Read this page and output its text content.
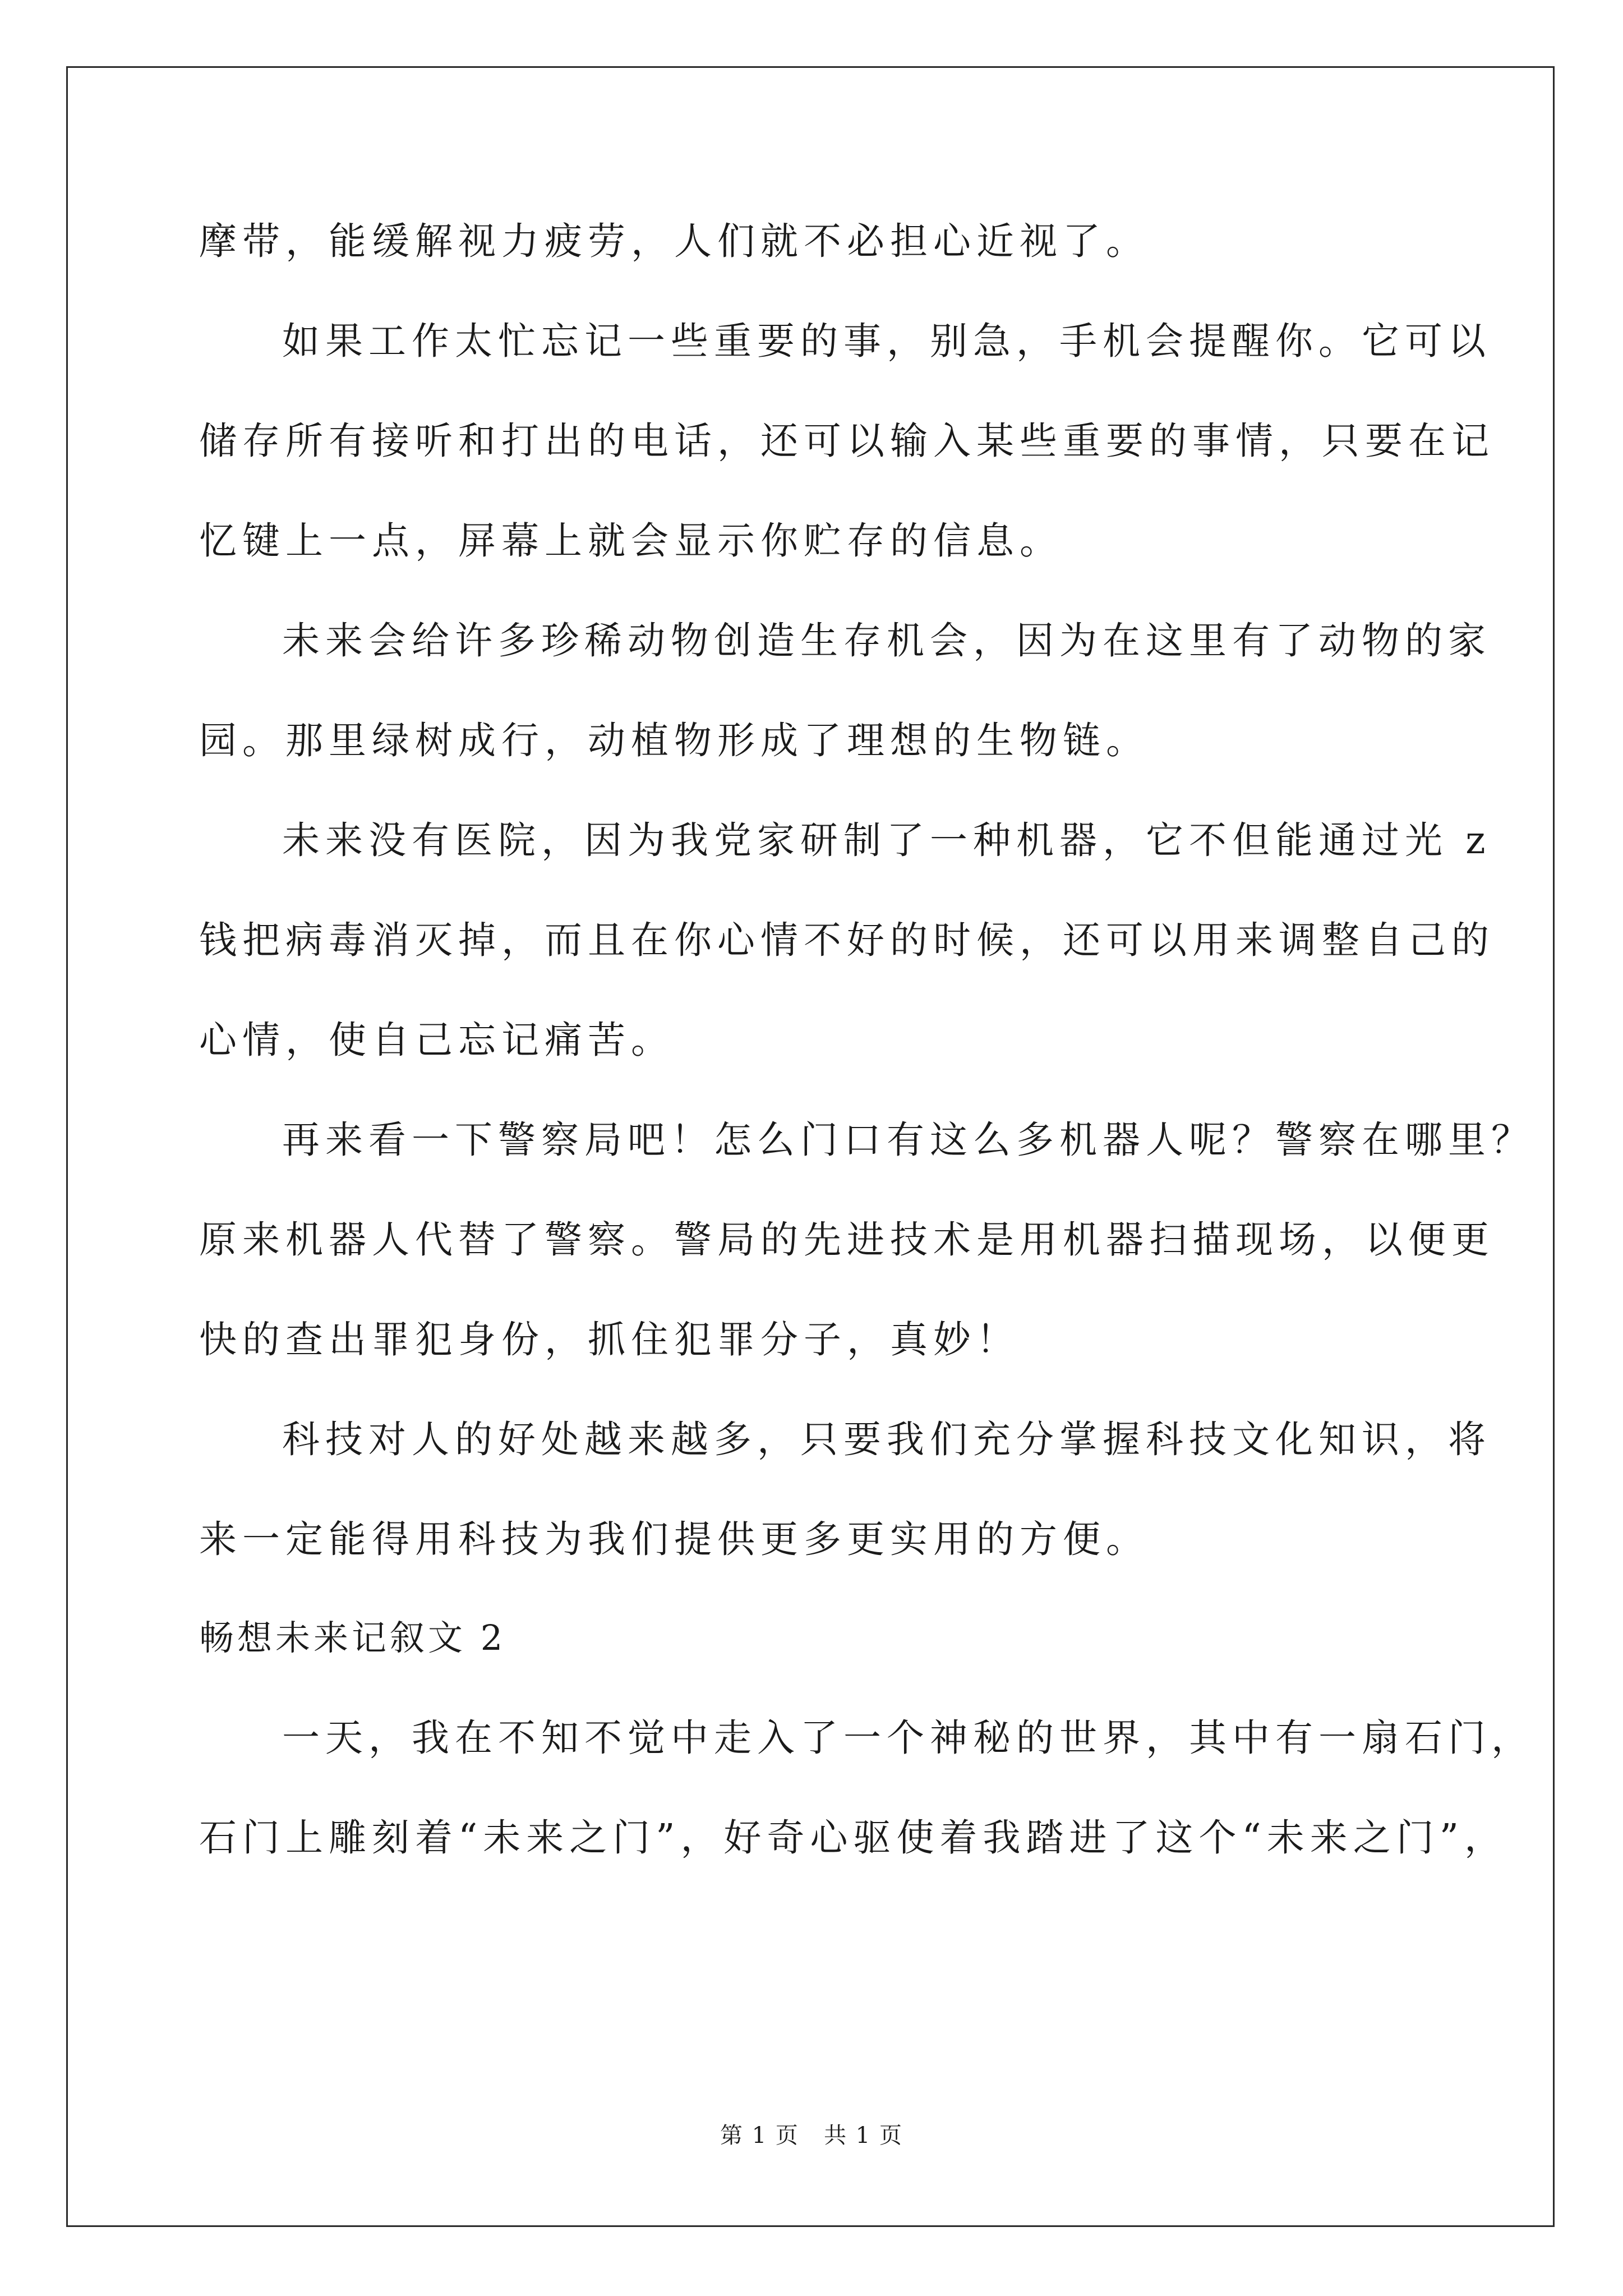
摩带，能缓解视力疲劳，人们就不必担心近视了。
如果工作太忙忘记一些重要的事，别急，手机会提醒你。它可以
储存所有接听和打出的电话，还可以输入某些重要的事情，只要在记
忆键上一点，屏幕上就会显示你贮存的信息。
未来会给许多珍稀动物创造生存机会，因为在这里有了动物的家
园。那里绿树成行，动植物形成了理想的生物链。
未来没有医院，因为我党家研制了一种机器，它不但能通过光 z
钱把病毒消灭掉，而且在你心情不好的时候，还可以用来调整自己的
心情，使自己忘记痛苦。
再来看一下警察局吧！怎么门口有这么多机器人呢？警察在哪里？
原来机器人代替了警察。警局的先进技术是用机器扫描现场，以便更
快的查出罪犯身份，抓住犯罪分子，真妙！
科技对人的好处越来越多，只要我们充分掌握科技文化知识，将
来一定能得用科技为我们提供更多更实用的方便。
畅想未来记叙文 2
一天，我在不知不觉中走入了一个神秘的世界，其中有一扇石门，
石门上雕刻着“未来之门”，好奇心驱使着我踏进了这个“未来之门”，
第 1 页   共 1 页
